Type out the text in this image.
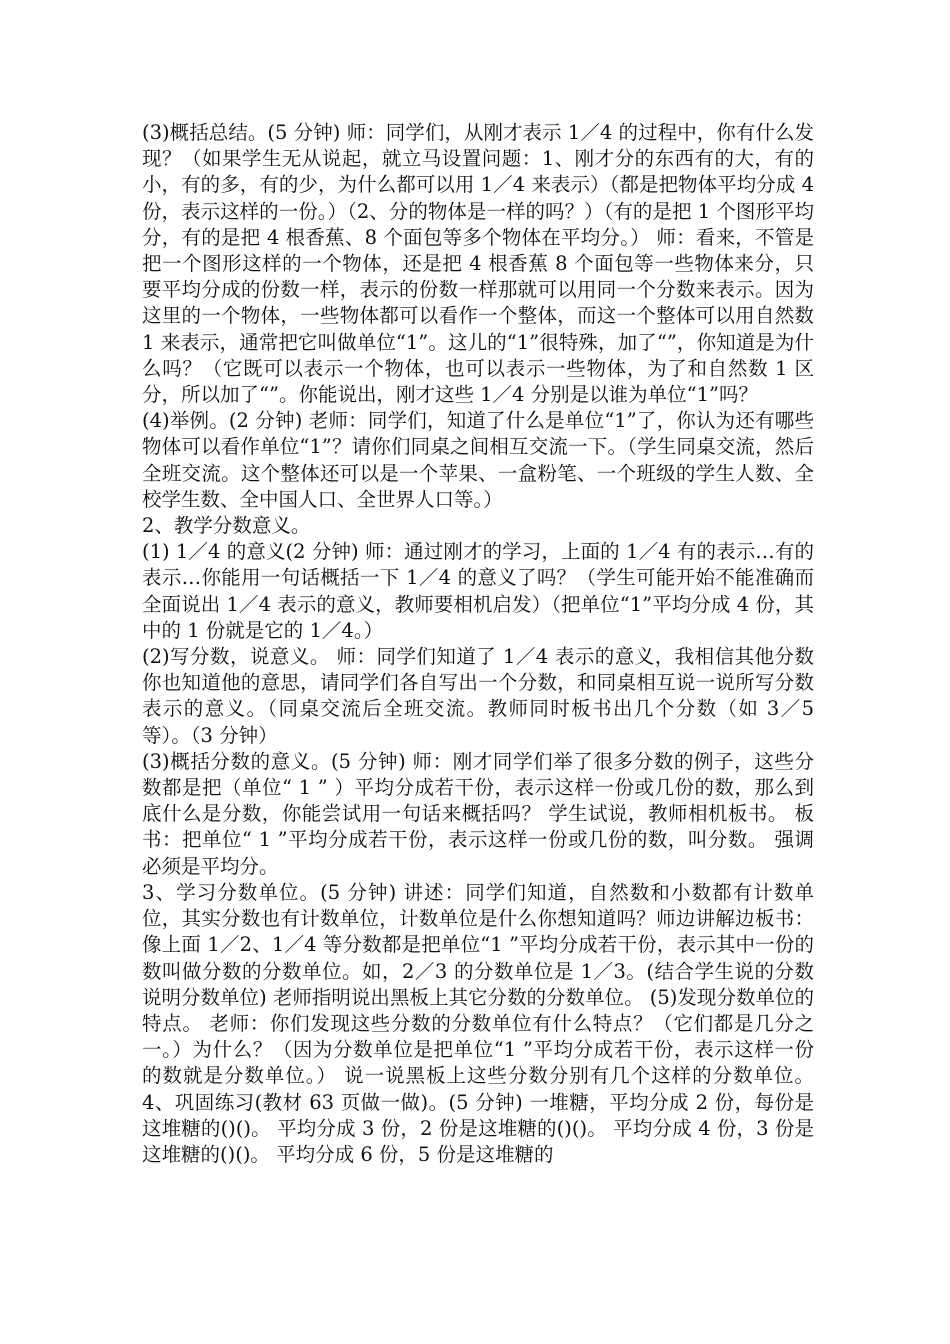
(3)概括总结。(5 分钟) 师：同学们，从刚才表示 1／4 的过程中，你有什么发现？（如果学生无从说起，就立马设置问题：1、刚才分的东西有的大，有的小，有的多，有的少，为什么都可以用 1／4 来表示）（都是把物体平均分成 4 份，表示这样的一份。）（2、分的物体是一样的吗？）（有的是把 1 个图形平均分，有的是把 4 根香蕉、8 个面包等多个物体在平均分。） 师：看来，不管是把一个图形这样的一个物体，还是把 4 根香蕉 8 个面包等一些物体来分，只要平均分成的份数一样，表示的份数一样那就可以用同一个分数来表示。因为这里的一个物体，一些物体都可以看作一个整体，而这一个整体可以用自然数 1 来表示，通常把它叫做单位“1”。这儿的“1”很特殊，加了“”，你知道是为什么吗？（它既可以表示一个物体，也可以表示一些物体，为了和自然数 1 区分，所以加了“”。你能说出，刚才这些 1／4 分别是以谁为单位“1”吗？

(4)举例。(2 分钟) 老师：同学们，知道了什么是单位“1”了，你认为还有哪些物体可以看作单位“1”？请你们同桌之间相互交流一下。（学生同桌交流，然后全班交流。这个整体还可以是一个苹果、一盒粉笔、一个班级的学生人数、全校学生数、全中国人口、全世界人口等。）

2、教学分数意义。

(1) 1／4 的意义(2 分钟) 师：通过刚才的学习，上面的 1／4 有的表示…有的表示…你能用一句话概括一下 1／4 的意义了吗？（学生可能开始不能准确而全面说出 1／4 表示的意义，教师要相机启发）（把单位“1”平均分成 4 份，其中的 1 份就是它的 1／4。）

(2)写分数，说意义。 师：同学们知道了 1／4 表示的意义，我相信其他分数你也知道他的意思，请同学们各自写出一个分数，和同桌相互说一说所写分数表示的意义。（同桌交流后全班交流。教师同时板书出几个分数（如 3／5 等）。（3 分钟）

(3)概括分数的意义。(5 分钟) 师：刚才同学们举了很多分数的例子，这些分数都是把（单位“ 1 ” ）平均分成若干份，表示这样一份或几份的数，那么到底什么是分数，你能尝试用一句话来概括吗？ 学生试说，教师相机板书。 板书：把单位“ 1 ”平均分成若干份，表示这样一份或几份的数，叫分数。 强调必须是平均分。

3、学习分数单位。(5 分钟) 讲述：同学们知道，自然数和小数都有计数单位，其实分数也有计数单位，计数单位是什么你想知道吗？师边讲解边板书：像上面 1／2、1／4 等分数都是把单位“1 ”平均分成若干份，表示其中一份的数叫做分数的分数单位。如，2／3 的分数单位是 1／3。(结合学生说的分数说明分数单位) 老师指明说出黑板上其它分数的分数单位。 (5)发现分数单位的特点。 老师：你们发现这些分数的分数单位有什么特点？（它们都是几分之一。）为什么？（因为分数单位是把单位“1 ”平均分成若干份，表示这样一份的数就是分数单位。） 说一说黑板上这些分数分别有几个这样的分数单位。 4、巩固练习(教材 63 页做一做)。(5 分钟) 一堆糖，平均分成 2 份，每份是这堆糖的()()。 平均分成 3 份，2 份是这堆糖的()()。 平均分成 4 份，3 份是这堆糖的()()。 平均分成 6 份，5 份是这堆糖的
